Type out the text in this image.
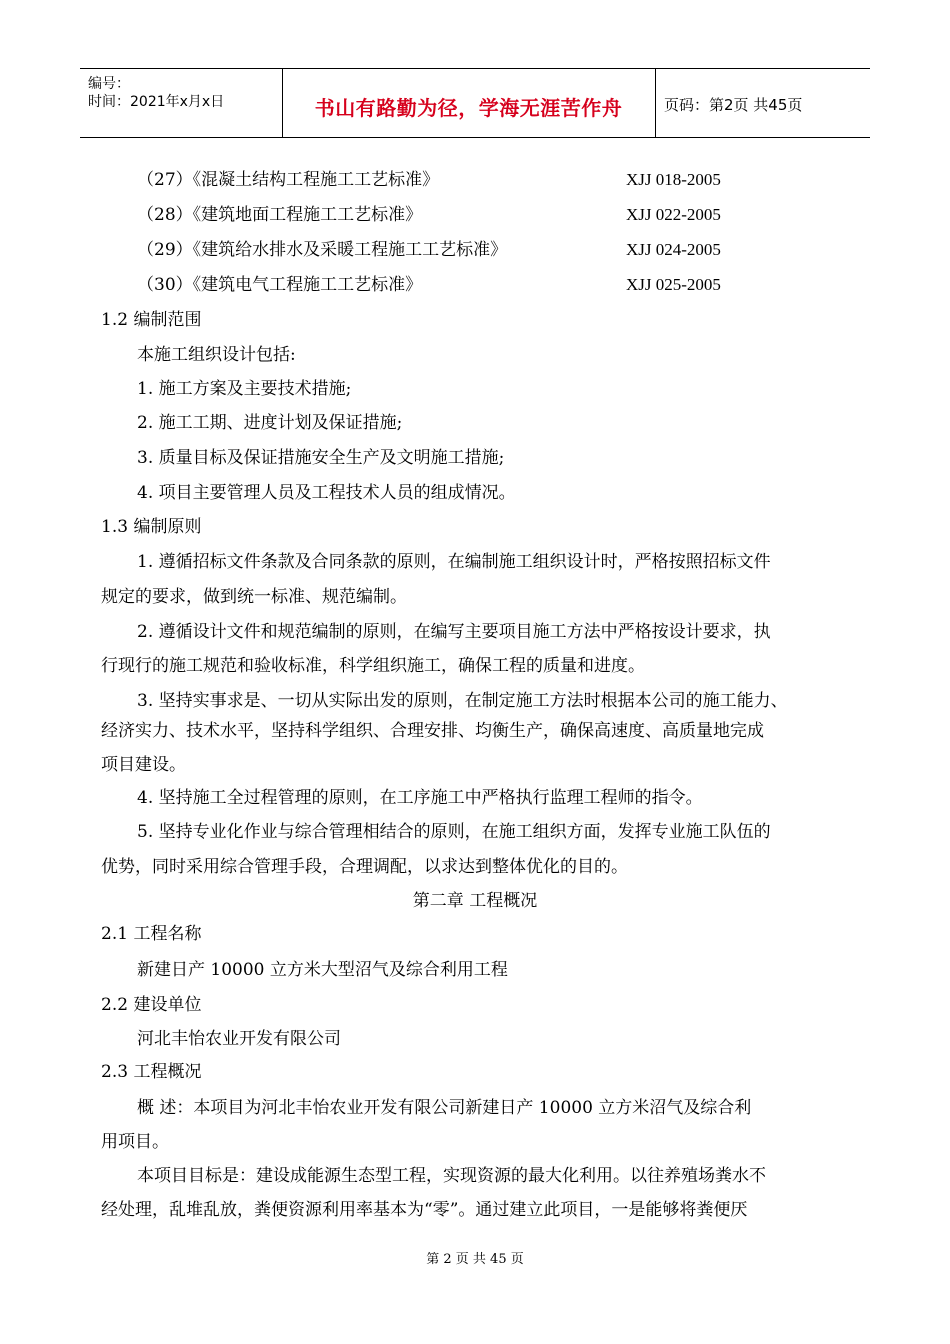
编号：
时间：2021年x月x日	书山有路勤为径，学海无涯苦作舟	页码：第2页 共45页
（27）《混凝土结构工程施工工艺标准》	XJJ 018-2005
（28）《建筑地面工程施工工艺标准》	XJJ 022-2005
（29）《建筑给水排水及采暖工程施工工艺标准》	XJJ 024-2005
（30）《建筑电气工程施工工艺标准》	XJJ 025-2005
1.2 编制范围
本施工组织设计包括:
1. 施工方案及主要技术措施;
2. 施工工期、进度计划及保证措施;
3. 质量目标及保证措施安全生产及文明施工措施;
4. 项目主要管理人员及工程技术人员的组成情况。
1.3 编制原则
1. 遵循招标文件条款及合同条款的原则，在编制施工组织设计时，严格按照招标文件
规定的要求，做到统一标准、规范编制。
2. 遵循设计文件和规范编制的原则，在编写主要项目施工方法中严格按设计要求，执
行现行的施工规范和验收标准，科学组织施工，确保工程的质量和进度。
3. 坚持实事求是、一切从实际出发的原则，在制定施工方法时根据本公司的施工能力、
经济实力、技术水平，坚持科学组织、合理安排、均衡生产，确保高速度、高质量地完成
项目建设。
4. 坚持施工全过程管理的原则，在工序施工中严格执行监理工程师的指令。
5. 坚持专业化作业与综合管理相结合的原则，在施工组织方面，发挥专业施工队伍的
优势，同时采用综合管理手段，合理调配，以求达到整体优化的目的。
第二章 工程概况
2.1 工程名称
新建日产 10000 立方米大型沼气及综合利用工程
2.2 建设单位
河北丰怡农业开发有限公司
2.3 工程概况
概 述：本项目为河北丰怡农业开发有限公司新建日产 10000 立方米沼气及综合利
用项目。
本项目目标是：建设成能源生态型工程，实现资源的最大化利用。以往养殖场粪水不
经处理，乱堆乱放，粪便资源利用率基本为“零”。通过建立此项目，一是能够将粪便厌
第 2 页 共 45 页
